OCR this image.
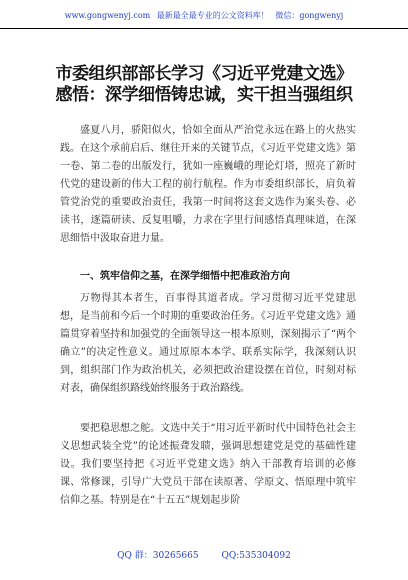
www.gongwenyj.com 最新最全最专业的公文资料库！ 微信：gongwenyj
市委组织部部长学习《习近平党建文选》
感悟：深学细悟铸忠诚，实干担当强组织
盛夏八月，骄阳似火，恰如全面从严治党永远在路上的火热实践。在这个承前启后、继往开来的关键节点，《习近平党建文选》第一卷、第二卷的出版发行，犹如一座巍峨的理论灯塔，照亮了新时代党的建设新的伟大工程的前行航程。作为市委组织部长，肩负着管党治党的重要政治责任，我第一时间将这套文选作为案头卷、必读书，逐篇研读、反复咀嚼，力求在字里行间感悟真理味道，在深思细悟中汲取奋进力量。
一、筑牢信仰之基，在深学细悟中把准政治方向
万物得其本者生，百事得其道者成。学习贯彻习近平党建思想，是当前和今后一个时期的重要政治任务。《习近平党建文选》通篇贯穿着坚持和加强党的全面领导这一根本原则，深刻揭示了“两个确立”的决定性意义。通过原原本本学、联系实际学，我深刻认识到，组织部门作为政治机关，必须把政治建设摆在首位，时刻对标对表，确保组织路线始终服务于政治路线。
要把稳思想之舵。文选中关于“用习近平新时代中国特色社会主义思想武装全党”的论述振聋发聩，强调思想建党是党的基础性建设。我们要坚持把《习近平党建文选》纳入干部教育培训的必修课、常修课，引导广大党员干部在读原著、学原文、悟原理中筑牢信仰之基。特别是在“十五五”规划起步阶
QQ 群：30265665	QQ:535304092
